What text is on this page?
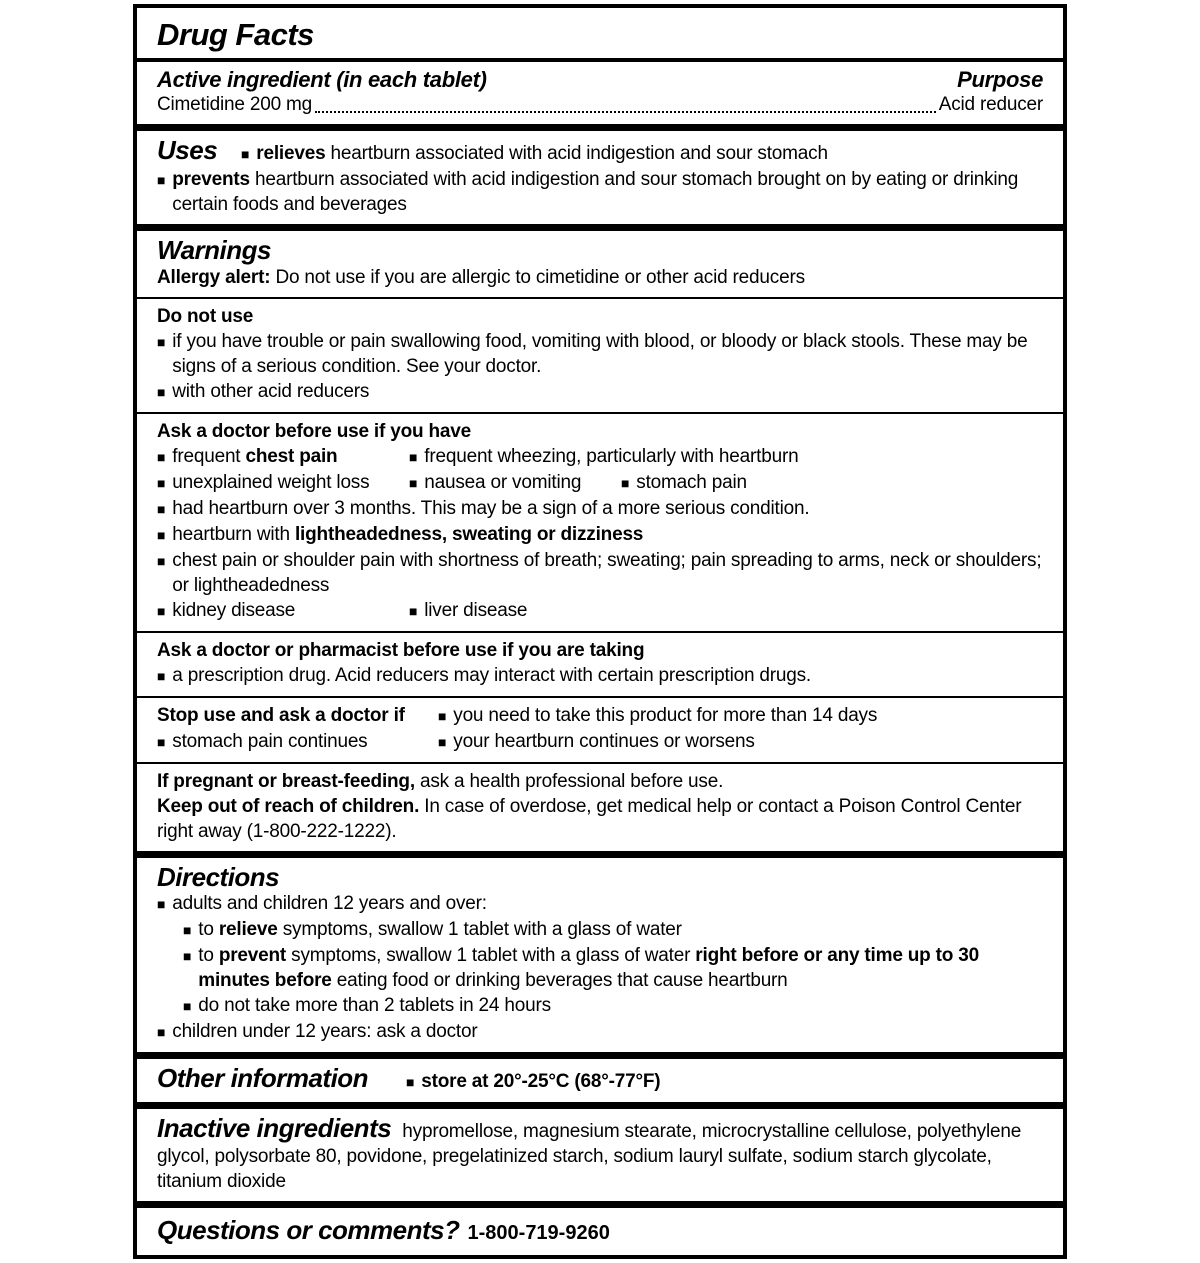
Drug Facts
Active ingredient (in each tablet)	Purpose
Cimetidine 200 mg	Acid reducer
Uses	■ relieves heartburn associated with acid indigestion and sour stomach
■ prevents heartburn associated with acid indigestion and sour stomach brought on by eating or drinking certain foods and beverages
Warnings
Allergy alert: Do not use if you are allergic to cimetidine or other acid reducers
Do not use
■ if you have trouble or pain swallowing food, vomiting with blood, or bloody or black stools. These may be signs of a serious condition. See your doctor.
■ with other acid reducers
Ask a doctor before use if you have
■ frequent chest pain	■ frequent wheezing, particularly with heartburn
■ unexplained weight loss	■ nausea or vomiting	■ stomach pain
■ had heartburn over 3 months. This may be a sign of a more serious condition.
■ heartburn with lightheadedness, sweating or dizziness
■ chest pain or shoulder pain with shortness of breath; sweating; pain spreading to arms, neck or shoulders; or lightheadedness
■ kidney disease	■ liver disease
Ask a doctor or pharmacist before use if you are taking
■ a prescription drug. Acid reducers may interact with certain prescription drugs.
Stop use and ask a doctor if	■ you need to take this product for more than 14 days
■ stomach pain continues	■ your heartburn continues or worsens
If pregnant or breast-feeding, ask a health professional before use.
Keep out of reach of children. In case of overdose, get medical help or contact a Poison Control Center right away (1-800-222-1222).
Directions
■ adults and children 12 years and over:
■ to relieve symptoms, swallow 1 tablet with a glass of water
■ to prevent symptoms, swallow 1 tablet with a glass of water right before or any time up to 30 minutes before eating food or drinking beverages that cause heartburn
■ do not take more than 2 tablets in 24 hours
■ children under 12 years: ask a doctor
Other information	■ store at 20°-25°C (68°-77°F)

Inactive ingredients hypromellose, magnesium stearate, microcrystalline cellulose, polyethylene glycol, polysorbate 80, povidone, pregelatinized starch, sodium lauryl sulfate, sodium starch glycolate, titanium dioxide

Questions or comments? 1-800-719-9260
